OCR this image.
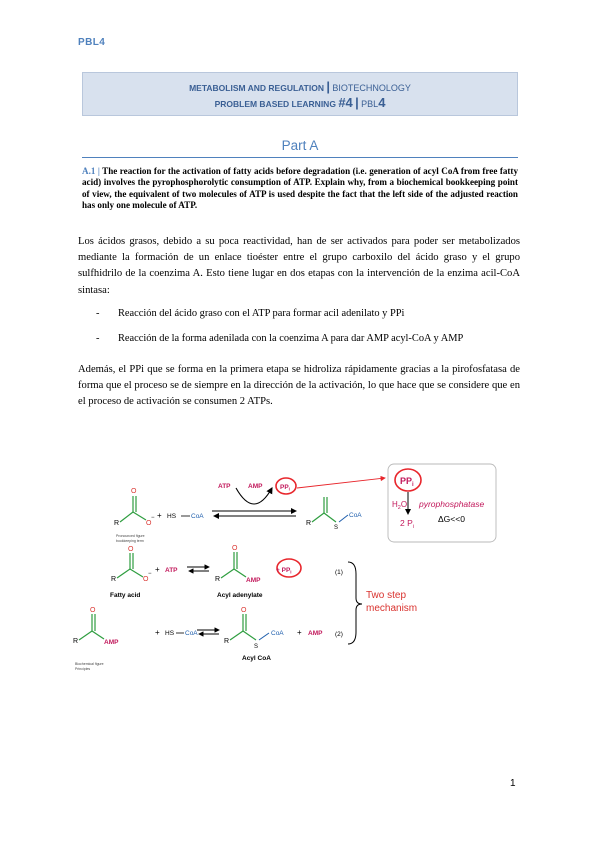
PBL4
METABOLISM AND REGULATION | BIOTECHNOLOGY
PROBLEM BASED LEARNING #4 | PBL4
Part A
A.1 | The reaction for the activation of fatty acids before degradation (i.e. generation of acyl CoA from free fatty acid) involves the pyrophosphorolytic consumption of ATP. Explain why, from a biochemical bookkeeping point of view, the equivalent of two molecules of ATP is used despite the fact that the left side of the adjusted reaction has only one molecule of ATP.
Los ácidos grasos, debido a su poca reactividad, han de ser activados para poder ser metabolizados mediante la formación de un enlace tioéster entre el grupo carboxilo del ácido graso y el grupo sulfhidrilo de la coenzima A. Esto tiene lugar en dos etapas con la intervención de la enzima acil-CoA sintasa:
- Reacción del ácido graso con el ATP para formar acil adenilato y PPi
- Reacción de la forma adenilada con la coenzima A para dar AMP acyl-CoA y AMP
Además, el PPi que se forma en la primera etapa se hidroliza rápidamente gracias a la pirofosfatasa de forma que el proceso se de siempre en la dirección de la activación, lo que hace que se considere que en el proceso de activación se consumen 2 ATPs.
R
O
O
− + HS CoA
Pronounced figure
bookkeeping term
ATP	AMP	$PP_i$
R
S
CoA
$PP_i$
$H_2O$ pyrophosphatase
2 $P_i$
ΔG<<0
R
O
O
− + ATP
R
O
AMP
+ $PP_i$
Fatty acid	Acyl adenylate
(1)
R
O
AMP
+ HS CoA
R
O
S
CoA + AMP
Acyl CoA
(2)
Two step
mechanism
Biochemical figure
Principles
1
